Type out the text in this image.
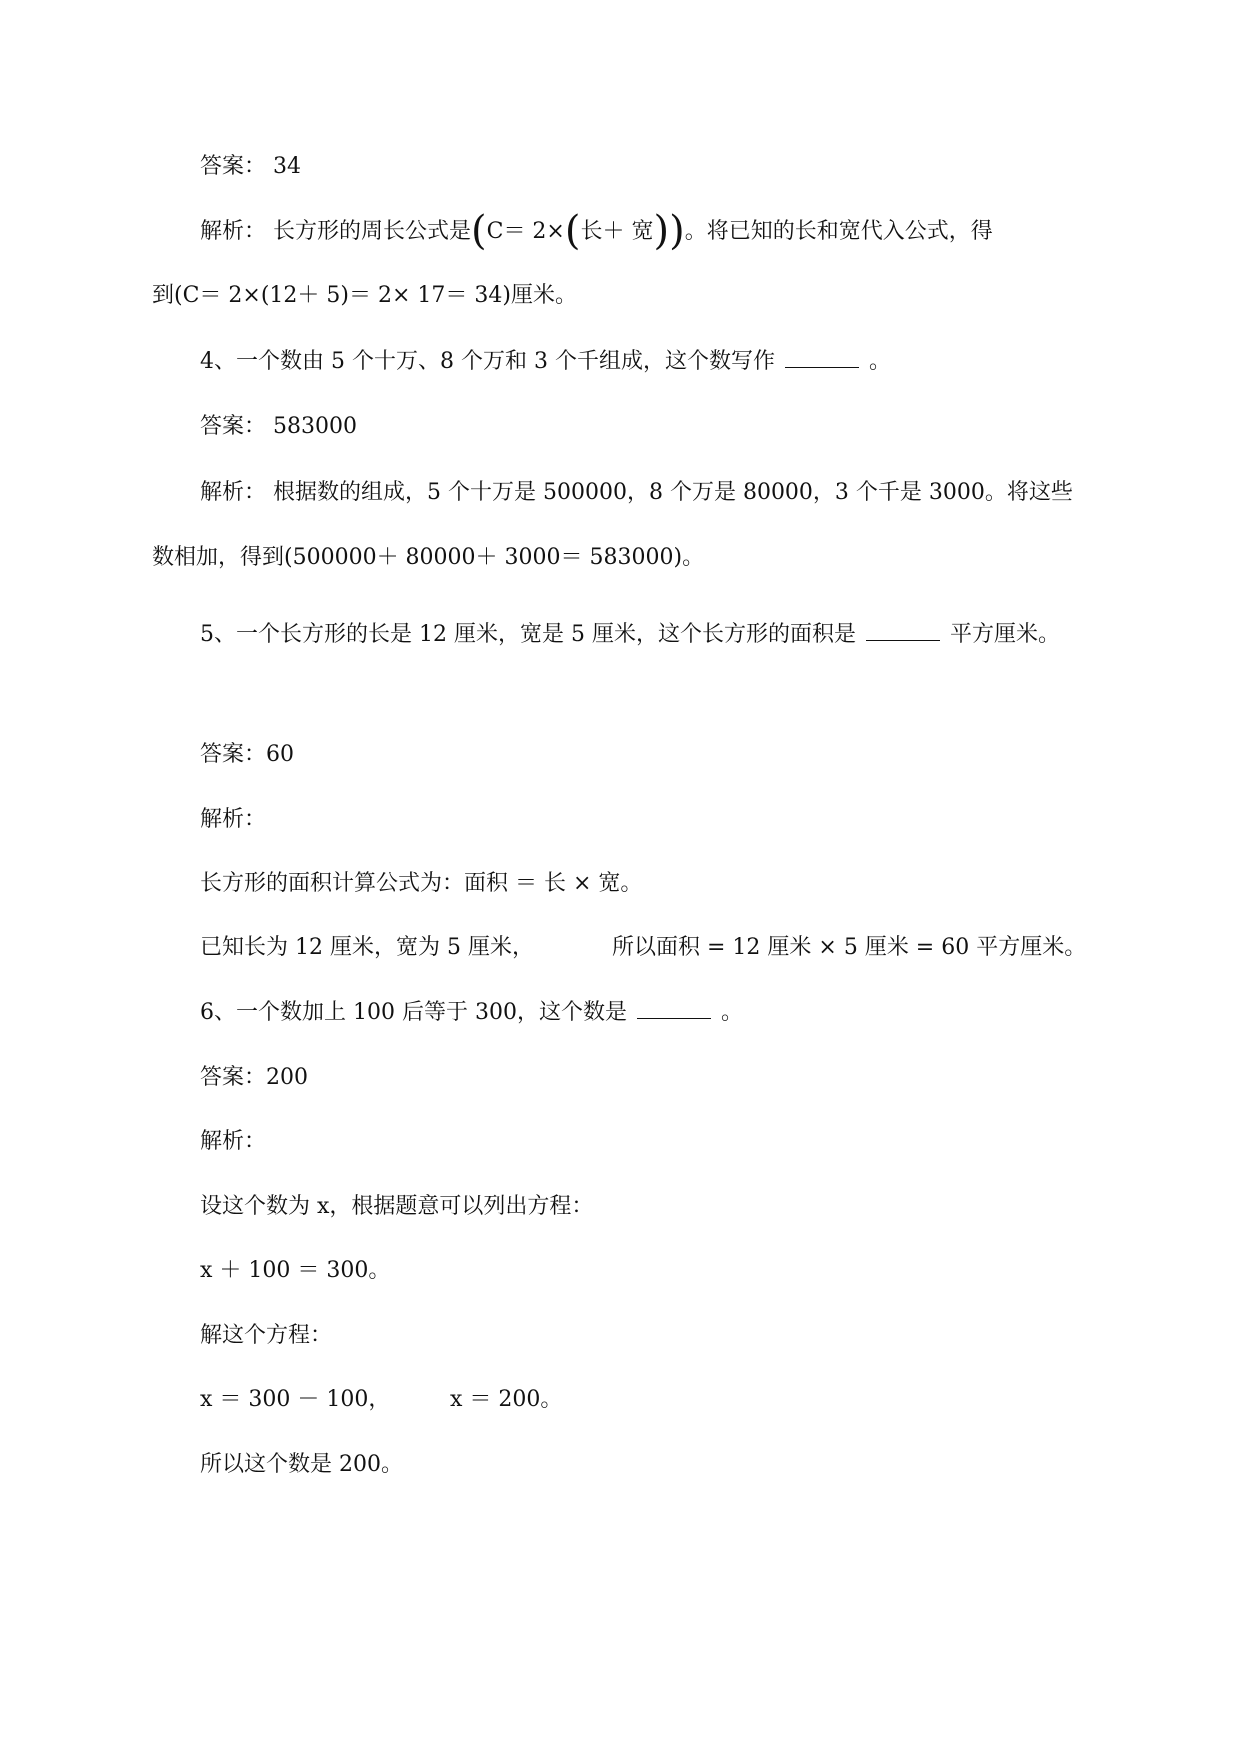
答案： 34
解析： 长方形的周长公式是(C＝ 2×(长＋ 宽))。将已知的长和宽代入公式，得
到(C＝ 2×(12＋ 5)＝ 2× 17＝ 34)厘米。
4、一个数由 5 个十万、8 个万和 3 个千组成，这个数写作	。
答案： 583000
解析： 根据数的组成，5 个十万是 500000，8 个万是 80000，3 个千是 3000。将这些数相加，得到(500000＋ 80000＋ 3000＝ 583000)。
5、一个长方形的长是 12 厘米，宽是 5 厘米，这个长方形的面积是	平方厘米。
答案：60
解析：
长方形的面积计算公式为：面积 ＝ 长 × 宽。
已知长为 12 厘米，宽为 5 厘米，	所以面积 = 12 厘米 × 5 厘米 = 60 平方厘米。
6、一个数加上 100 后等于 300，这个数是	。
答案：200
解析：
设这个数为 x，根据题意可以列出方程：
x ＋ 100 ＝ 300。
解这个方程：
x ＝ 300 － 100，	x ＝ 200。
所以这个数是 200。
